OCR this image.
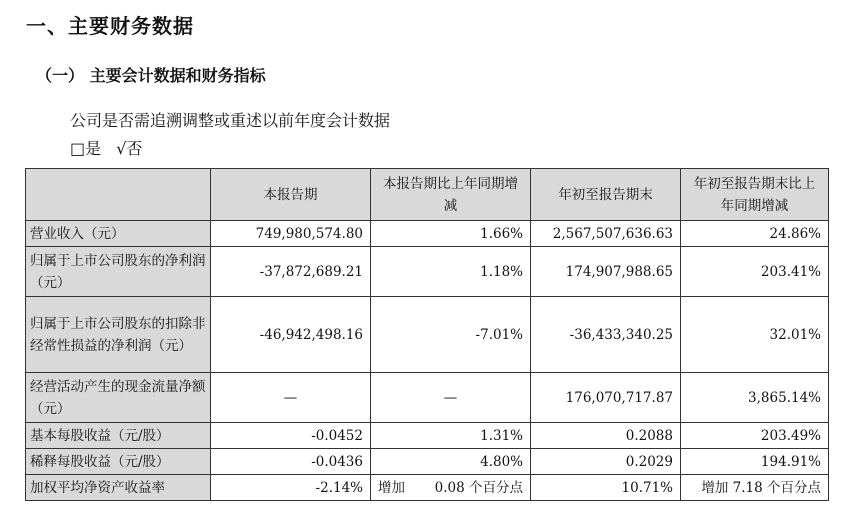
一、主要财务数据
（一） 主要会计数据和财务指标
公司是否需追溯调整或重述以前年度会计数据
□是 √否
	本报告期	本报告期比上年同期增减	年初至报告期末	年初至报告期末比上年同期增减
营业收入（元）	749,980,574.80	1.66%	2,567,507,636.63	24.86%
归属于上市公司股东的净利润（元）	-37,872,689.21	1.18%	174,907,988.65	203.41%
归属于上市公司股东的扣除非经常性损益的净利润（元）	-46,942,498.16	-7.01%	-36,433,340.25	32.01%
经营活动产生的现金流量净额（元）	—	—	176,070,717.87	3,865.14%
基本每股收益（元/股）	-0.0452	1.31%	0.2088	203.49%
稀释每股收益（元/股）	-0.0436	4.80%	0.2029	194.91%
加权平均净资产收益率	-2.14%	增加 0.08 个百分点	10.71%	增加 7.18 个百分点
